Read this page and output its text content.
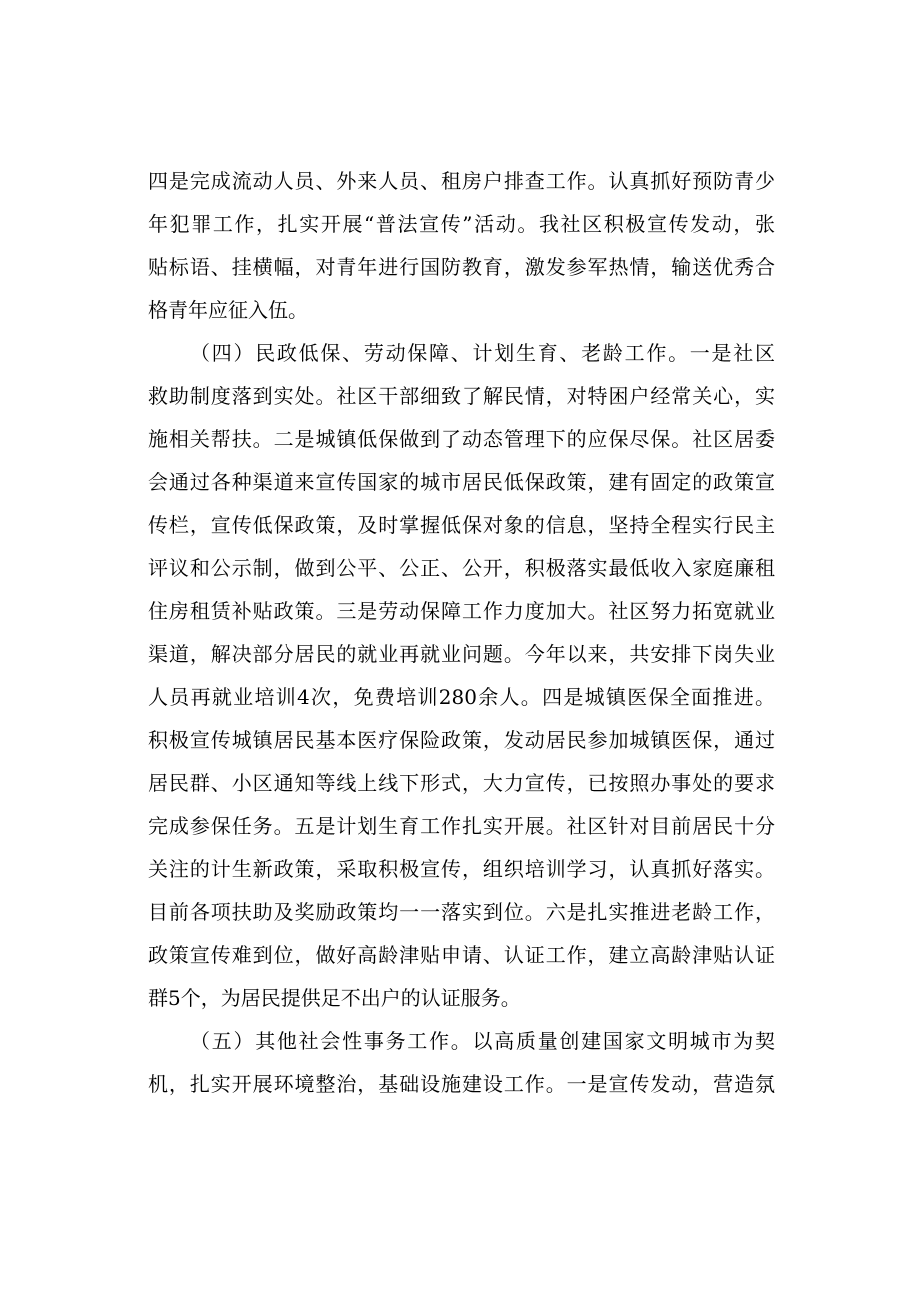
四是完成流动人员、外来人员、租房户排查工作。认真抓好预防青少
年犯罪工作，扎实开展“普法宣传”活动。我社区积极宣传发动，张
贴标语、挂横幅，对青年进行国防教育，激发参军热情，输送优秀合
格青年应征入伍。
（四）民政低保、劳动保障、计划生育、老龄工作。一是社区
救助制度落到实处。社区干部细致了解民情，对特困户经常关心，实
施相关帮扶。二是城镇低保做到了动态管理下的应保尽保。社区居委
会通过各种渠道来宣传国家的城市居民低保政策，建有固定的政策宣
传栏，宣传低保政策，及时掌握低保对象的信息，坚持全程实行民主
评议和公示制，做到公平、公正、公开，积极落实最低收入家庭廉租
住房租赁补贴政策。三是劳动保障工作力度加大。社区努力拓宽就业
渠道，解决部分居民的就业再就业问题。今年以来，共安排下岗失业
人员再就业培训4次，免费培训280余人。四是城镇医保全面推进。
积极宣传城镇居民基本医疗保险政策，发动居民参加城镇医保，通过
居民群、小区通知等线上线下形式，大力宣传，已按照办事处的要求
完成参保任务。五是计划生育工作扎实开展。社区针对目前居民十分
关注的计生新政策，采取积极宣传，组织培训学习，认真抓好落实。
目前各项扶助及奖励政策均一一落实到位。六是扎实推进老龄工作，
政策宣传难到位，做好高龄津贴申请、认证工作，建立高龄津贴认证
群5个，为居民提供足不出户的认证服务。
（五）其他社会性事务工作。以高质量创建国家文明城市为契
机，扎实开展环境整治，基础设施建设工作。一是宣传发动，营造氛
